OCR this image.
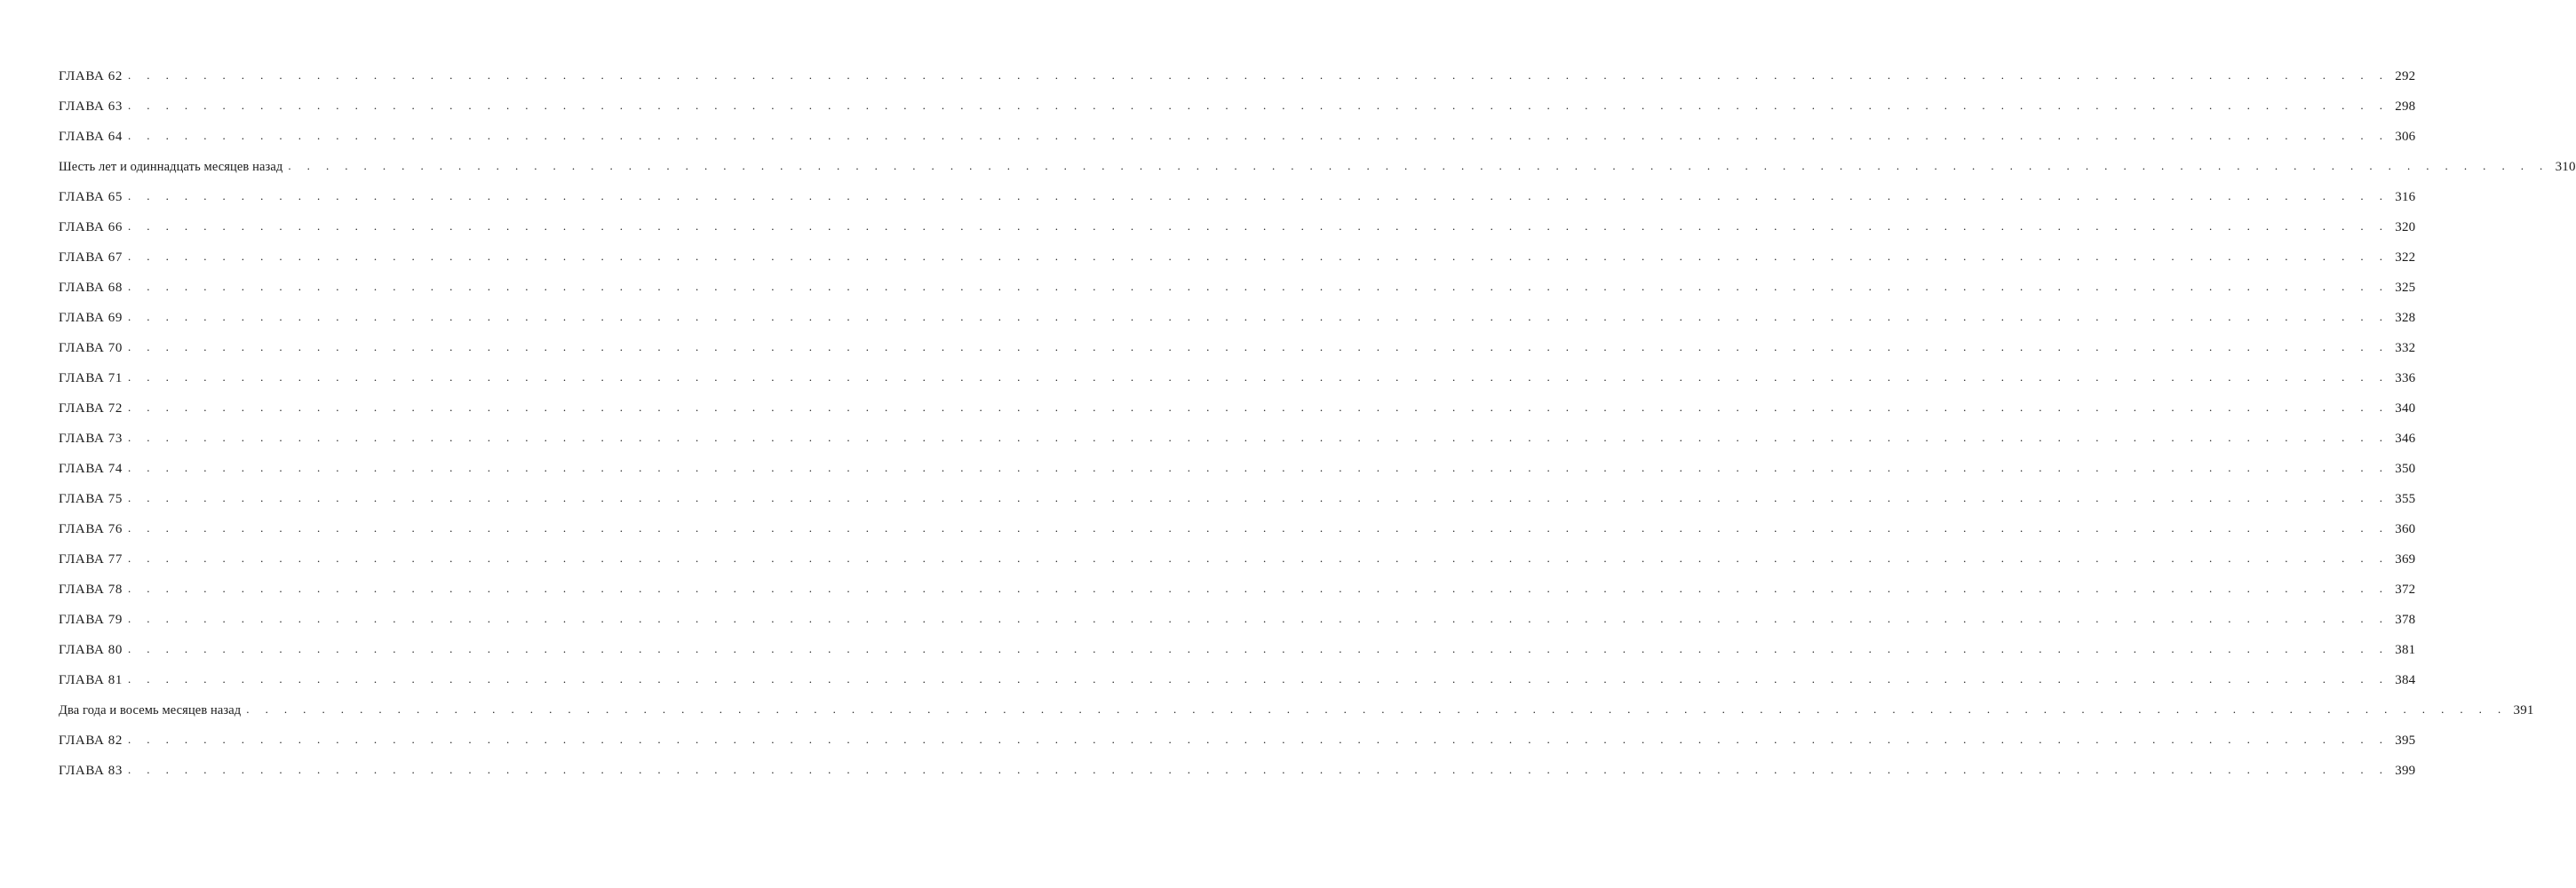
ГЛАВА 62 . . . . . . . . . . . . . . . . . . . . . . . . . . . . . . . . . . . . . . . . . . . . . . . . . . . . . . . . . . . . . . . . . . . . . . . . . . . . . . . . . . . . . . . . . . . . . . . . . . . . . . . . . . . . . . . . . . . . . . . . 292
ГЛАВА 63 . . . . . . . . . . . . . . . . . . . . . . . . . . . . . . . . . . . . . . . . . . . . . . . . . . . . . . . . . . . . . . . . . . . . . . . . . . . . . . . . . . . . . . . . . . . . . . . . . . . . . . . . . . . . . . . . . . . . . . . . 298
ГЛАВА 64 . . . . . . . . . . . . . . . . . . . . . . . . . . . . . . . . . . . . . . . . . . . . . . . . . . . . . . . . . . . . . . . . . . . . . . . . . . . . . . . . . . . . . . . . . . . . . . . . . . . . . . . . . . . . . . . . . . . . . . . . 306
Шесть лет и одиннадцать месяцев назад . . . . . . . . . . . . . . . . . . . . . . . . . . . . . . . . . . . . . . . . . . . . . . . . . . . . . . . . . . . . . . . . . . . . . . . . . . . . . . . . . . . . . . . . . . . . . . . . . . . . . . . . . . . . . . . . . . . . . . . . 310
ГЛАВА 65 . . . . . . . . . . . . . . . . . . . . . . . . . . . . . . . . . . . . . . . . . . . . . . . . . . . . . . . . . . . . . . . . . . . . . . . . . . . . . . . . . . . . . . . . . . . . . . . . . . . . . . . . . . . . . . . . . . . . . . . . 316
ГЛАВА 66 . . . . . . . . . . . . . . . . . . . . . . . . . . . . . . . . . . . . . . . . . . . . . . . . . . . . . . . . . . . . . . . . . . . . . . . . . . . . . . . . . . . . . . . . . . . . . . . . . . . . . . . . . . . . . . . . . . . . . . . . 320
ГЛАВА 67 . . . . . . . . . . . . . . . . . . . . . . . . . . . . . . . . . . . . . . . . . . . . . . . . . . . . . . . . . . . . . . . . . . . . . . . . . . . . . . . . . . . . . . . . . . . . . . . . . . . . . . . . . . . . . . . . . . . . . . . . 322
ГЛАВА 68 . . . . . . . . . . . . . . . . . . . . . . . . . . . . . . . . . . . . . . . . . . . . . . . . . . . . . . . . . . . . . . . . . . . . . . . . . . . . . . . . . . . . . . . . . . . . . . . . . . . . . . . . . . . . . . . . . . . . . . . . 325
ГЛАВА 69 . . . . . . . . . . . . . . . . . . . . . . . . . . . . . . . . . . . . . . . . . . . . . . . . . . . . . . . . . . . . . . . . . . . . . . . . . . . . . . . . . . . . . . . . . . . . . . . . . . . . . . . . . . . . . . . . . . . . . . . . 328
ГЛАВА 70 . . . . . . . . . . . . . . . . . . . . . . . . . . . . . . . . . . . . . . . . . . . . . . . . . . . . . . . . . . . . . . . . . . . . . . . . . . . . . . . . . . . . . . . . . . . . . . . . . . . . . . . . . . . . . . . . . . . . . . . . 332
ГЛАВА 71 . . . . . . . . . . . . . . . . . . . . . . . . . . . . . . . . . . . . . . . . . . . . . . . . . . . . . . . . . . . . . . . . . . . . . . . . . . . . . . . . . . . . . . . . . . . . . . . . . . . . . . . . . . . . . . . . . . . . . . . . 336
ГЛАВА 72 . . . . . . . . . . . . . . . . . . . . . . . . . . . . . . . . . . . . . . . . . . . . . . . . . . . . . . . . . . . . . . . . . . . . . . . . . . . . . . . . . . . . . . . . . . . . . . . . . . . . . . . . . . . . . . . . . . . . . . . . 340
ГЛАВА 73 . . . . . . . . . . . . . . . . . . . . . . . . . . . . . . . . . . . . . . . . . . . . . . . . . . . . . . . . . . . . . . . . . . . . . . . . . . . . . . . . . . . . . . . . . . . . . . . . . . . . . . . . . . . . . . . . . . . . . . . . 346
ГЛАВА 74 . . . . . . . . . . . . . . . . . . . . . . . . . . . . . . . . . . . . . . . . . . . . . . . . . . . . . . . . . . . . . . . . . . . . . . . . . . . . . . . . . . . . . . . . . . . . . . . . . . . . . . . . . . . . . . . . . . . . . . . . 350
ГЛАВА 75 . . . . . . . . . . . . . . . . . . . . . . . . . . . . . . . . . . . . . . . . . . . . . . . . . . . . . . . . . . . . . . . . . . . . . . . . . . . . . . . . . . . . . . . . . . . . . . . . . . . . . . . . . . . . . . . . . . . . . . . . 355
ГЛАВА 76 . . . . . . . . . . . . . . . . . . . . . . . . . . . . . . . . . . . . . . . . . . . . . . . . . . . . . . . . . . . . . . . . . . . . . . . . . . . . . . . . . . . . . . . . . . . . . . . . . . . . . . . . . . . . . . . . . . . . . . . . 360
ГЛАВА 77 . . . . . . . . . . . . . . . . . . . . . . . . . . . . . . . . . . . . . . . . . . . . . . . . . . . . . . . . . . . . . . . . . . . . . . . . . . . . . . . . . . . . . . . . . . . . . . . . . . . . . . . . . . . . . . . . . . . . . . . . 369
ГЛАВА 78 . . . . . . . . . . . . . . . . . . . . . . . . . . . . . . . . . . . . . . . . . . . . . . . . . . . . . . . . . . . . . . . . . . . . . . . . . . . . . . . . . . . . . . . . . . . . . . . . . . . . . . . . . . . . . . . . . . . . . . . . 372
ГЛАВА 79 . . . . . . . . . . . . . . . . . . . . . . . . . . . . . . . . . . . . . . . . . . . . . . . . . . . . . . . . . . . . . . . . . . . . . . . . . . . . . . . . . . . . . . . . . . . . . . . . . . . . . . . . . . . . . . . . . . . . . . . . 378
ГЛАВА 80 . . . . . . . . . . . . . . . . . . . . . . . . . . . . . . . . . . . . . . . . . . . . . . . . . . . . . . . . . . . . . . . . . . . . . . . . . . . . . . . . . . . . . . . . . . . . . . . . . . . . . . . . . . . . . . . . . . . . . . . . 381
ГЛАВА 81 . . . . . . . . . . . . . . . . . . . . . . . . . . . . . . . . . . . . . . . . . . . . . . . . . . . . . . . . . . . . . . . . . . . . . . . . . . . . . . . . . . . . . . . . . . . . . . . . . . . . . . . . . . . . . . . . . . . . . . . . 384
Два года и восемь месяцев назад . . . . . . . . . . . . . . . . . . . . . . . . . . . . . . . . . . . . . . . . . . . . . . . . . . . . . . . . . . . . . . . . . . . . . . . . . . . . . . . . . . . . . . . . . . . . . . . . . . . . . . . . . . . . . . . . . . . . . . . . 391
ГЛАВА 82 . . . . . . . . . . . . . . . . . . . . . . . . . . . . . . . . . . . . . . . . . . . . . . . . . . . . . . . . . . . . . . . . . . . . . . . . . . . . . . . . . . . . . . . . . . . . . . . . . . . . . . . . . . . . . . . . . . . . . . . . 395
ГЛАВА 83 . . . . . . . . . . . . . . . . . . . . . . . . . . . . . . . . . . . . . . . . . . . . . . . . . . . . . . . . . . . . . . . . . . . . . . . . . . . . . . . . . . . . . . . . . . . . . . . . . . . . . . . . . . . . . . . . . . . . . . . . 399
